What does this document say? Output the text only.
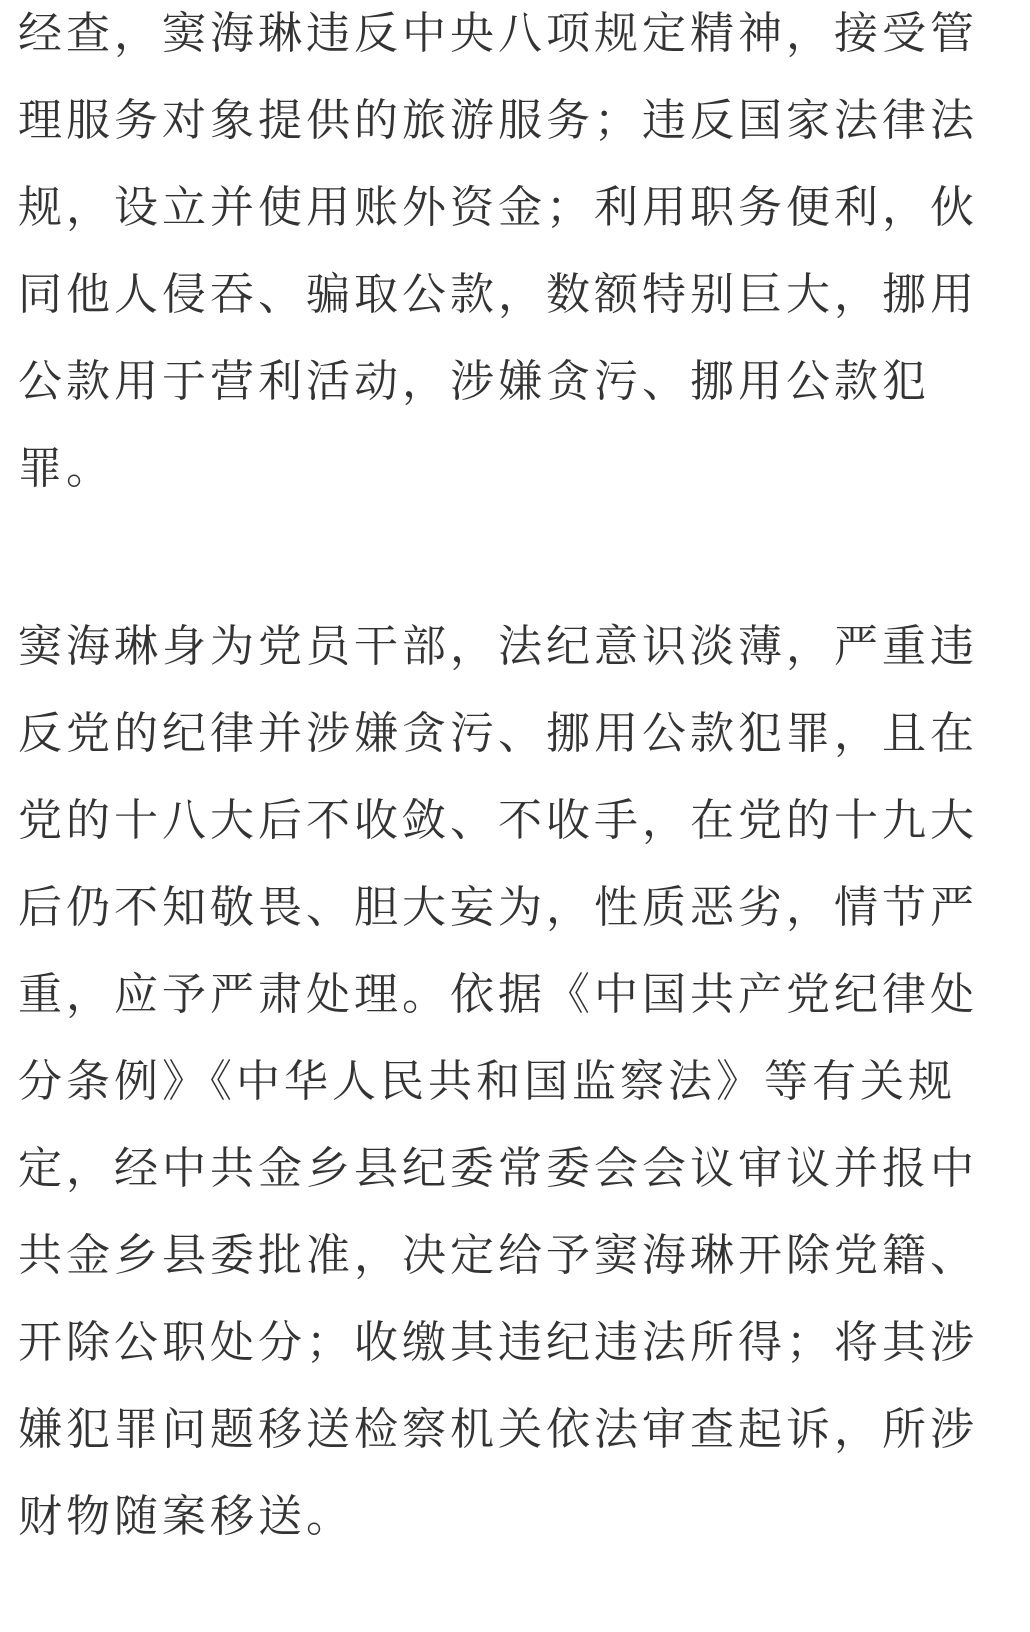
经查，窦海琳违反中央八项规定精神，接受管
理服务对象提供的旅游服务；违反国家法律法
规，设立并使用账外资金；利用职务便利，伙
同他人侵吞、骗取公款，数额特别巨大，挪用
公款用于营利活动，涉嫌贪污、挪用公款犯
罪。
窦海琳身为党员干部，法纪意识淡薄，严重违
反党的纪律并涉嫌贪污、挪用公款犯罪，且在
党的十八大后不收敛、不收手，在党的十九大
后仍不知敬畏、胆大妄为，性质恶劣，情节严
重，应予严肃处理。依据《中国共产党纪律处
分条例》《中华人民共和国监察法》等有关规
定，经中共金乡县纪委常委会会议审议并报中
共金乡县委批准，决定给予窦海琳开除党籍、
开除公职处分；收缴其违纪违法所得；将其涉
嫌犯罪问题移送检察机关依法审查起诉，所涉
财物随案移送。
